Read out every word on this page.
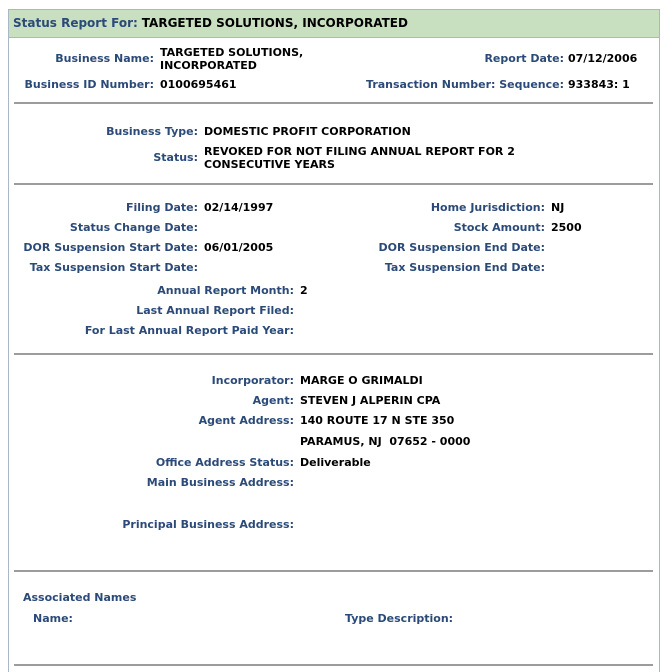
Status Report For: TARGETED SOLUTIONS, INCORPORATED
Business Name: TARGETED SOLUTIONS,
INCORPORATED
Report Date: 07/12/2006
Business ID Number: 0100695461	Transaction Number: Sequence: 933843: 1
Business Type: DOMESTIC PROFIT CORPORATION
Status: REVOKED FOR NOT FILING ANNUAL REPORT FOR 2
CONSECUTIVE YEARS
Filing Date: 02/14/1997	Home Jurisdiction: NJ
Status Change Date:	Stock Amount: 2500
DOR Suspension Start Date: 06/01/2005	DOR Suspension End Date:
Tax Suspension Start Date:	Tax Suspension End Date:
Annual Report Month: 2
Last Annual Report Filed:
For Last Annual Report Paid Year:
Incorporator: MARGE O GRIMALDI
Agent: STEVEN J ALPERIN CPA
Agent Address: 140 ROUTE 17 N STE 350
PARAMUS, NJ  07652 - 0000
Office Address Status: Deliverable
Main Business Address:
Principal Business Address:
Associated Names
Name:	Type Description:
